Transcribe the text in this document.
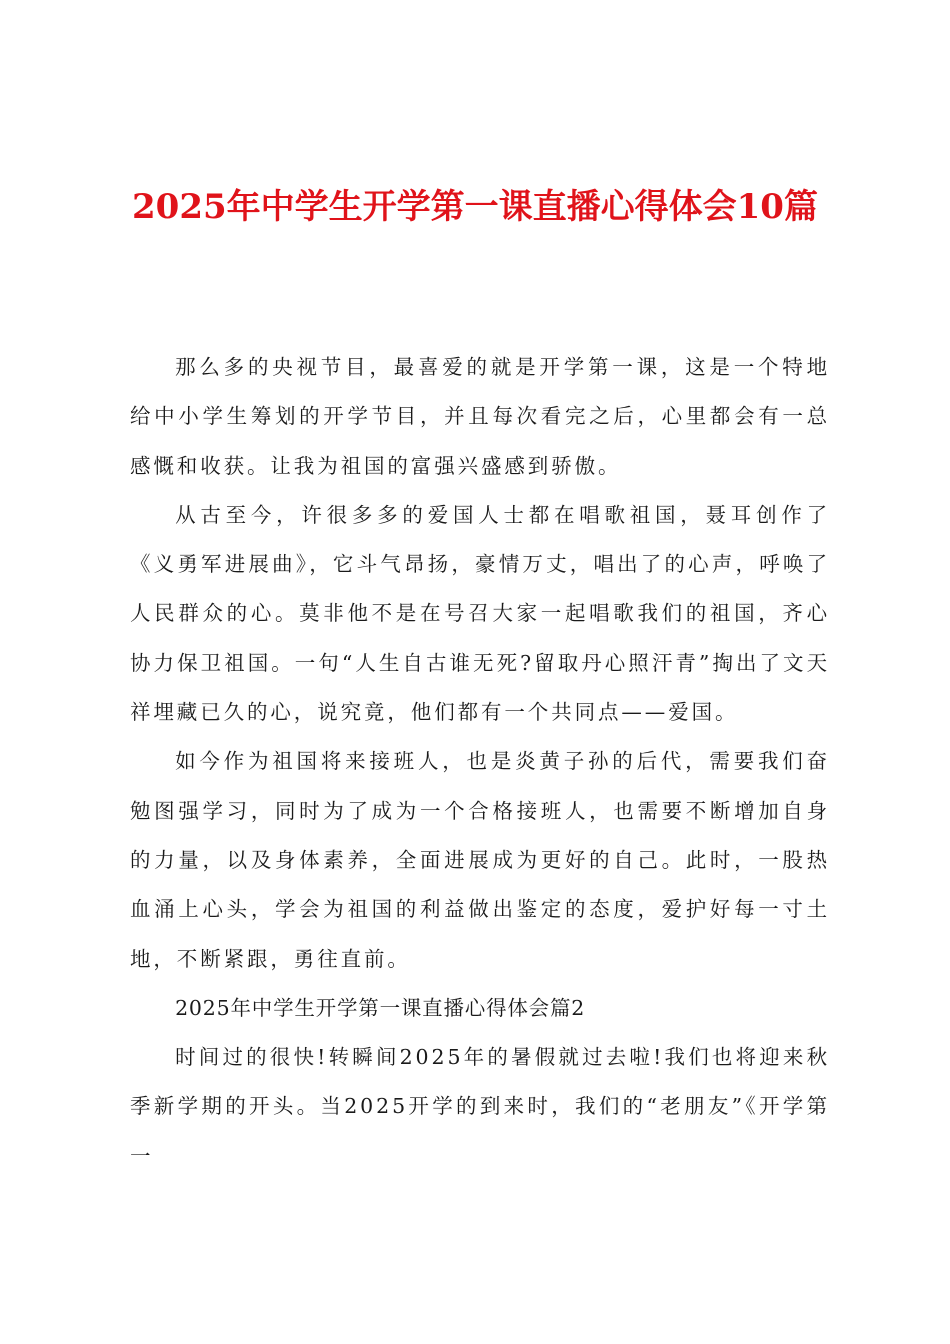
2025年中学生开学第一课直播心得体会10篇

那么多的央视节目，最喜爱的就是开学第一课，这是一个特地给中小学生筹划的开学节目，并且每次看完之后，心里都会有一总感慨和收获。让我为祖国的富强兴盛感到骄傲。

从古至今，许很多多的爱国人士都在唱歌祖国，聂耳创作了《义勇军进展曲》，它斗气昂扬，豪情万丈，唱出了的心声，呼唤了人民群众的心。莫非他不是在号召大家一起唱歌我们的祖国，齐心协力保卫祖国。一句“人生自古谁无死?留取丹心照汗青”掏出了文天祥埋藏已久的心，说究竟，他们都有一个共同点——爱国。

如今作为祖国将来接班人，也是炎黄子孙的后代，需要我们奋勉图强学习，同时为了成为一个合格接班人，也需要不断增加自身的力量，以及身体素养，全面进展成为更好的自己。此时，一股热血涌上心头，学会为祖国的利益做出鉴定的态度，爱护好每一寸土地，不断紧跟，勇往直前。

2025年中学生开学第一课直播心得体会篇2

时间过的很快!转瞬间2025年的暑假就过去啦!我们也将迎来秋季新学期的开头。当2025开学的到来时，我们的“老朋友”《开学第一
